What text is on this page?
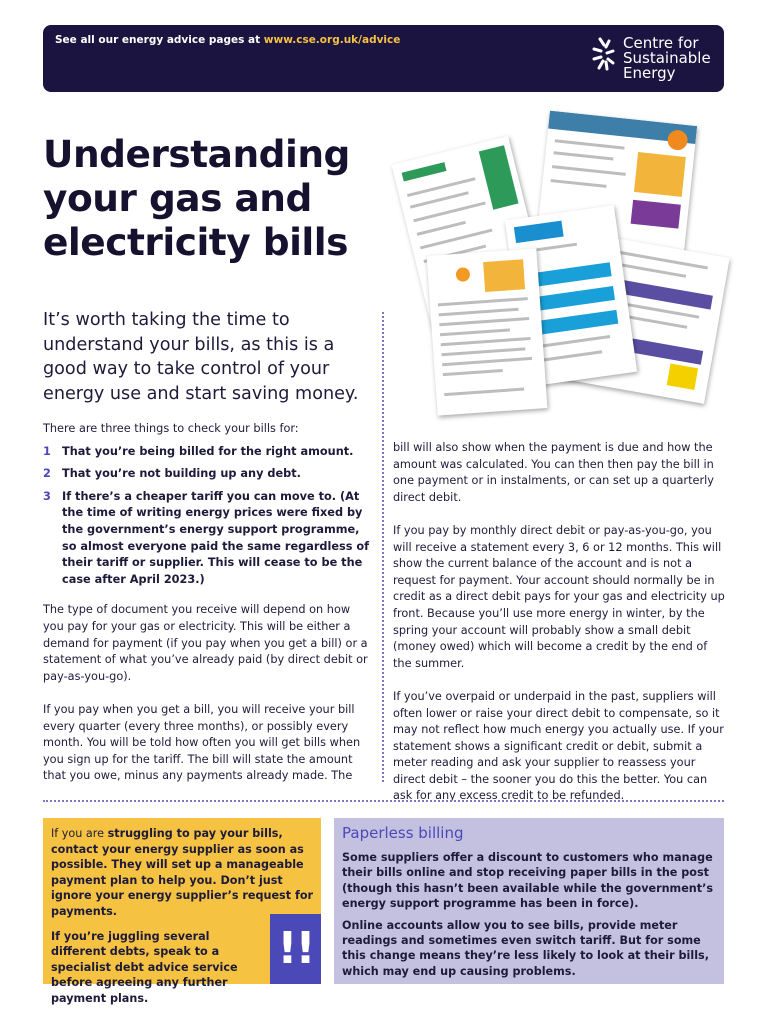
See all our energy advice pages at www.cse.org.uk/advice	Centre for
Sustainable
Energy
Understanding your gas and electricity bills

It’s worth taking the time to understand your bills, as this is a good way to take control of your energy use and start saving money.

There are three things to check your bills for:

1 That you’re being billed for the right amount.
2 That you’re not building up any debt.
3 If there’s a cheaper tariff you can move to. (At the time of writing energy prices were fixed by the government’s energy support programme, so almost everyone paid the same regardless of their tariff or supplier. This will cease to be the case after April 2023.)

The type of document you receive will depend on how you pay for your gas or electricity. This will be either a demand for payment (if you pay when you get a bill) or a statement of what you’ve already paid (by direct debit or pay-as-you-go).

If you pay when you get a bill, you will receive your bill every quarter (every three months), or possibly every month. You will be told how often you will get bills when you sign up for the tariff. The bill will state the amount that you owe, minus any payments already made. The

bill will also show when the payment is due and how the amount was calculated. You can then then pay the bill in one payment or in instalments, or can set up a quarterly direct debit.

If you pay by monthly direct debit or pay-as-you-go, you will receive a statement every 3, 6 or 12 months. This will show the current balance of the account and is not a request for payment. Your account should normally be in credit as a direct debit pays for your gas and electricity up front. Because you’ll use more energy in winter, by the spring your account will probably show a small debit (money owed) which will become a credit by the end of the summer.

If you’ve overpaid or underpaid in the past, suppliers will often lower or raise your direct debit to compensate, so it may not reflect how much energy you actually use. If your statement shows a significant credit or debit, submit a meter reading and ask your supplier to reassess your direct debit – the sooner you do this the better. You can ask for any excess credit to be refunded.

If you are struggling to pay your bills, contact your energy supplier as soon as possible. They will set up a manageable payment plan to help you. Don’t just ignore your energy supplier’s request for payments.

If you’re juggling several different debts, speak to a specialist debt advice service before agreeing any further payment plans.

!!
Paperless billing

Some suppliers offer a discount to customers who manage their bills online and stop receiving paper bills in the post (though this hasn’t been available while the government’s energy support programme has been in force).

Online accounts allow you to see bills, provide meter readings and sometimes even switch tariff. But for some this change means they’re less likely to look at their bills, which may end up causing problems.
